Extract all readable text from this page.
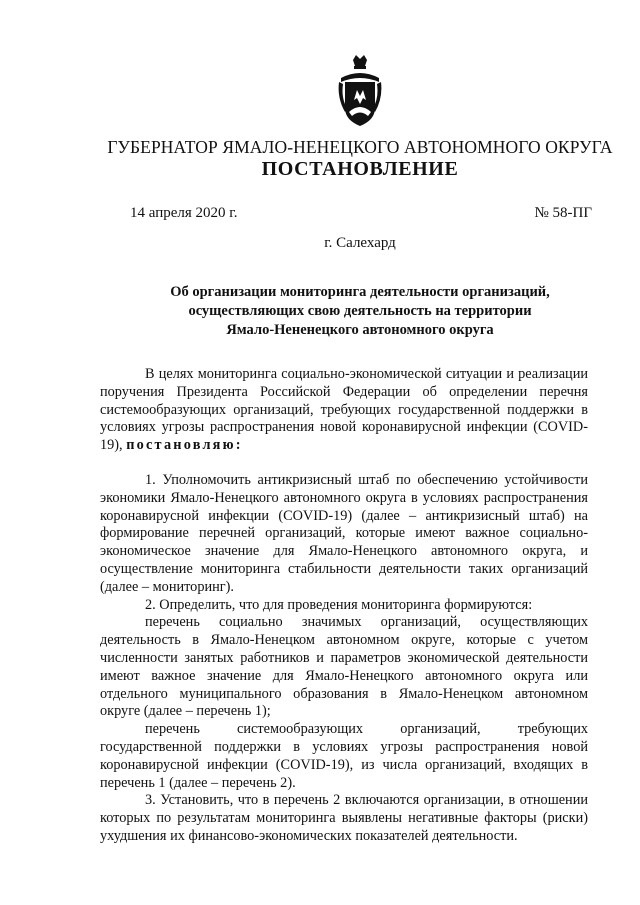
ГУБЕРНАТОР ЯМАЛО-НЕНЕЦКОГО АВТОНОМНОГО ОКРУГА
ПОСТАНОВЛЕНИЕ
14 апреля 2020 г.	№ 58-ПГ
г. Салехард
Об организации мониторинга деятельности организаций,
осуществляющих свою деятельность на территории
Ямало-Нененецкого автономного округа

В целях мониторинга социально-экономической ситуации и реализации поручения Президента Российской Федерации об определении перечня системообразующих организаций, требующих государственной поддержки в условиях угрозы распространения новой коронавирусной инфекции (COVID-19), постановляю:

1. Уполномочить антикризисный штаб по обеспечению устойчивости экономики Ямало-Ненецкого автономного округа в условиях распространения коронавирусной инфекции (COVID-19) (далее – антикризисный штаб) на формирование перечней организаций, которые имеют важное социально-экономическое значение для Ямало-Ненецкого автономного округа, и осуществление мониторинга стабильности деятельности таких организаций (далее – мониторинг).

2. Определить, что для проведения мониторинга формируются:

перечень социально значимых организаций, осуществляющих деятельность в Ямало-Ненецком автономном округе, которые с учетом численности занятых работников и параметров экономической деятельности имеют важное значение для Ямало-Ненецкого автономного округа или отдельного муниципального образования в Ямало-Ненецком автономном округе (далее – перечень 1);

перечень системообразующих организаций, требующих государственной поддержки в условиях угрозы распространения новой коронавирусной инфекции (COVID-19), из числа организаций, входящих в перечень 1 (далее – перечень 2).

3. Установить, что в перечень 2 включаются организации, в отношении которых по результатам мониторинга выявлены негативные факторы (риски) ухудшения их финансово-экономических показателей деятельности.
